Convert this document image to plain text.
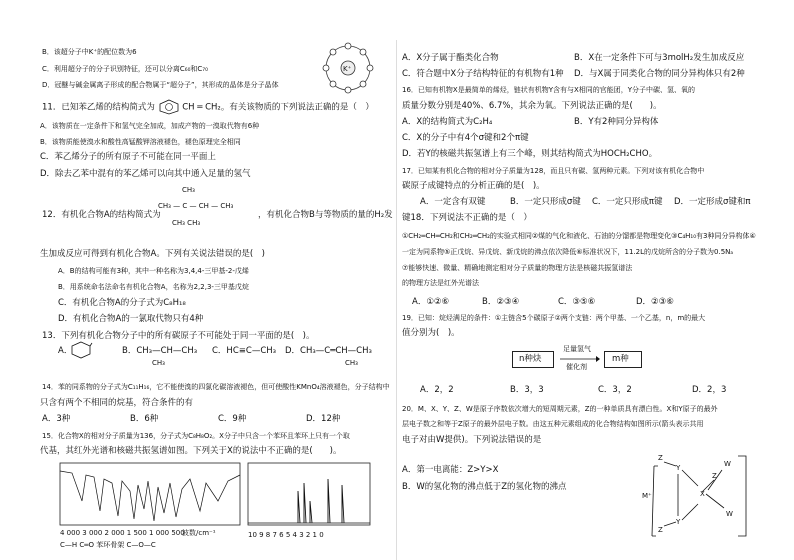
B．该超分子中K⁺的配位数为6
C．利用超分子的分子识别特征，还可以分离C₆₀和C₇₀
D．冠醚与碱金属离子形成的配合物属于“超分子”，其形成的晶体是分子晶体
K⁺
11．已知苯乙烯的结构简式为	CH ═ CH₂。有关该物质的下列说法正确的是（　）
A．该物质在一定条件下和氢气完全加成，加成产物的一溴取代物有6种
B．该物质能使溴水和酸性高锰酸钾溶液褪色，褪色原理完全相同
C．苯乙烯分子的所有原子不可能在同一平面上
D．除去乙苯中混有的苯乙烯可以向其中通入足量的氢气
CH₃
CH₃ — C — CH — CH₃
CH₃ CH₃
12．有机化合物A的结构简式为	，有机化合物B与等物质的量的H₂发
生加成反应可得到有机化合物A。下列有关说法错误的是(　)
A．B的结构可能有3种，其中一种名称为3,4,4-三甲基-2-戊烯
B．用系统命名法命名有机化合物A，名称为2,2,3-三甲基戊烷
C．有机化合物A的分子式为C₈H₁₈
D．有机化合物A的一氯取代物只有4种
13．下列有机化合物分子中的所有碳原子不可能处于同一平面的是(　)。
A．	B．CH₃—CH—CH₃
CH₃
C．HC≡C—CH₃ D．CH₃—C═CH—CH₃
CH₃
14．苯的同系物的分子式为C₁₁H₁₆，它不能使溴的四氯化碳溶液褪色，但可使酸性KMnO₄溶液褪色，分子结构中
只含有两个不相同的烷基，符合条件的有
A．3种	B．6种	C．9种	D．12种
15．化合物X的相对分子质量为136，分子式为C₈H₈O₂。X分子中只含一个苯环且苯环上只有一个取
代基，其红外光谱和核磁共振氢谱如图。下列关于X的说法中不正确的是(　　)。
4 000 3 000 2 000 1 500 1 000 500
波数/cm⁻¹
C—H C═O 苯环骨架 C—O—C
10 9 8 7 6 5 4 3 2 1 0
A．X分子属于酯类化合物	B．X在一定条件下可与3molH₂发生加成反应
C．符合题中X分子结构特征的有机物有1种 D．与X属于同类化合物的同分异构体只有2种
16．已知有机物X是最简单的烯烃，链状有机物Y含有与X相同的官能团，Y分子中碳、氢、氧的
质量分数分别是40%、6.7%，其余为氧。下列说法正确的是(　　)。
A．X的结构简式为C₂H₄	B．Y有2种同分异构体
C．X的分子中有4个σ键和2个π键
D．若Y的核磁共振氢谱上有三个峰，则其结构简式为HOCH₂CHO。
17．已知某有机化合物的相对分子质量为128，而且只有碳、氢两种元素。下列对该有机化合物中
碳原子成键特点的分析正确的是(　)。
A．一定含有双键	B．一定只形成σ键 C．一定只形成π键 D．一定形成σ键和π
键18．下列说法不正确的是（　）
①CH₂═CH═CH₂和CH₂═CH₂的实验式相同②煤的气化和液化、石油的分馏都是物理变化③C₄H₁₀有3种同分异构体④
一定为同系物⑤正戊烷、异戊烷、新戊烷的沸点依次降低⑥标准状况下，11.2L的戊烷所含的分子数为0.5Nₐ
⑦能够快速、微量、精确地测定相对分子质量的物理方法是核磁共振氢谱法
的物理方法是红外光谱法
A．①②⑥	B．②③④	C．③⑤⑥	D．②③⑥
19．已知：烷烃满足的条件：①主链含5个碳原子②两个支链：两个甲基、一个乙基，n，m的最大
值分别为(　)。
n种炔
足量氢气
催化剂
m种
A．2，2	B．3，3	C．3，2	D．2，3
20．M、X、Y、Z、W是原子序数依次增大的短周期元素，Z的一种单质具有漂白性。X和Y原子的最外
层电子数之和等于Z原子的最外层电子数。由这五种元素组成的化合物结构如图所示(箭头表示共用
电子对由W提供)。下列说法错误的是
A．第一电离能：Z>Y>X
B．W的氢化物的沸点低于Z的氢化物的沸点
M⁺
Z
Y
X
Z
Y
Z
W
W
